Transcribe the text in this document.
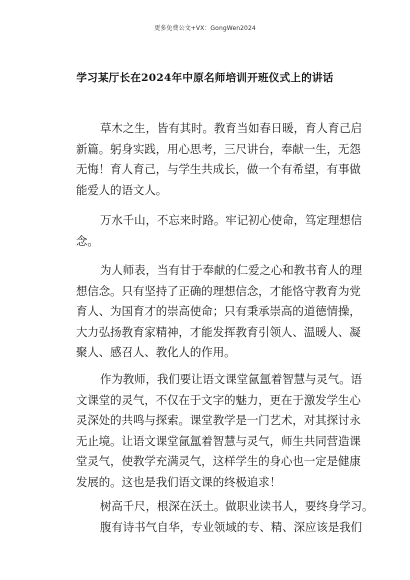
更多免费公文+VX：GongWen2024
学习某厅长在2024年中原名师培训开班仪式上的讲话
草木之生，皆有其时。教育当如春日暖，育人育己启
新篇。躬身实践，用心思考，三尺讲台，奉献一生，无怨
无悔！育人育己，与学生共成长，做一个有希望，有事做
能爱人的语文人。
万水千山，不忘来时路。牢记初心使命，笃定理想信
念。
为人师表，当有甘于奉献的仁爱之心和教书育人的理
想信念。只有坚持了正确的理想信念，才能恪守教育为党
育人、为国育才的崇高使命；只有秉承崇高的道德情操，
大力弘扬教育家精神，才能发挥教育引领人、温暖人、凝
聚人、感召人、教化人的作用。
作为教师，我们要让语文课堂氤氲着智慧与灵气。语
文课堂的灵气，不仅在于文字的魅力，更在于激发学生心
灵深处的共鸣与探索。课堂教学是一门艺术，对其探讨永
无止境。让语文课堂氤氲着智慧与灵气，师生共同营造课
堂灵气，使教学充满灵气，这样学生的身心也一定是健康
发展的。这也是我们语文课的终极追求！
树高千尺，根深在沃土。做职业读书人，要终身学习。
腹有诗书气自华，专业领域的专、精、深应该是我们
